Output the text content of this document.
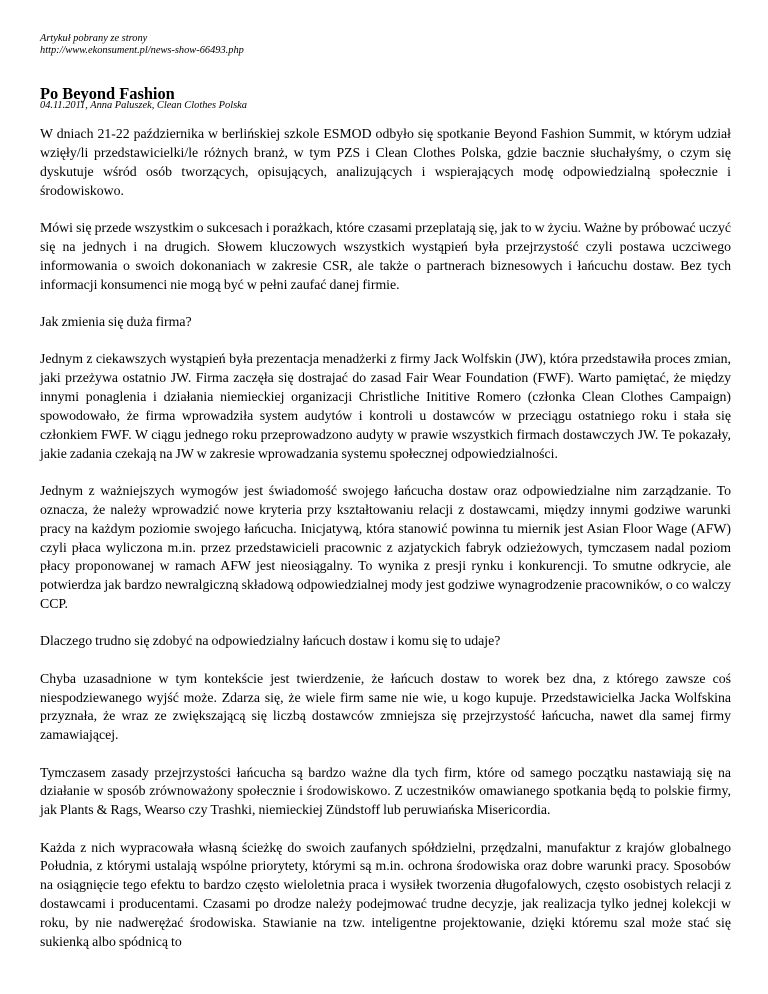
Artykuł pobrany ze strony
http://www.ekonsument.pl/news-show-66493.php
Po Beyond Fashion
04.11.2011, Anna Paluszek, Clean Clothes Polska

W dniach 21-22 października w berlińskiej szkole ESMOD odbyło się spotkanie Beyond Fashion Summit, w którym udział wzięły/li przedstawicielki/le różnych branż, w tym PZS i Clean Clothes Polska, gdzie bacznie słuchałyśmy, o czym się dyskutuje wśród osób tworzących, opisujących, analizujących i wspierających modę odpowiedzialną społecznie i środowiskowo.

Mówi się przede wszystkim o sukcesach i porażkach, które czasami przeplatają się, jak to w życiu. Ważne by próbować uczyć się na jednych i na drugich. Słowem kluczowych wszystkich wystąpień była przejrzystość czyli postawa uczciwego informowania o swoich dokonaniach w zakresie CSR, ale także o partnerach biznesowych i łańcuchu dostaw. Bez tych informacji konsumenci nie mogą być w pełni zaufać danej firmie.

Jak zmienia się duża firma?

Jednym z ciekawszych wystąpień była prezentacja menadżerki z firmy Jack Wolfskin (JW), która przedstawiła proces zmian, jaki przeżywa ostatnio JW. Firma zaczęła się dostrajać do zasad Fair Wear Foundation (FWF). Warto pamiętać, że między innymi ponaglenia i działania niemieckiej organizacji Christliche Inititive Romero (członka Clean Clothes Campaign) spowodowało, że firma wprowadziła system audytów i kontroli u dostawców w przeciągu ostatniego roku i stała się członkiem FWF. W ciągu jednego roku przeprowadzono audyty w prawie wszystkich firmach dostawczych JW. Te pokazały, jakie zadania czekają na JW w zakresie wprowadzania systemu społecznej odpowiedzialności.

Jednym z ważniejszych wymogów jest świadomość swojego łańcucha dostaw oraz odpowiedzialne nim zarządzanie. To oznacza, że należy wprowadzić nowe kryteria przy kształtowaniu relacji z dostawcami, między innymi godziwe warunki pracy na każdym poziomie swojego łańcucha. Inicjatywą, która stanowić powinna tu miernik jest Asian Floor Wage (AFW) czyli płaca wyliczona m.in. przez przedstawicieli pracownic z azjatyckich fabryk odzieżowych, tymczasem nadal poziom płacy proponowanej w ramach AFW jest nieosiągalny. To wynika z presji rynku i konkurencji. To smutne odkrycie, ale potwierdza jak bardzo newralgiczną składową odpowiedzialnej mody jest godziwe wynagrodzenie pracowników, o co walczy CCP.

Dlaczego trudno się zdobyć na odpowiedzialny łańcuch dostaw i komu się to udaje?

Chyba uzasadnione w tym kontekście jest twierdzenie, że łańcuch dostaw to worek bez dna, z którego zawsze coś niespodziewanego wyjść może. Zdarza się, że wiele firm same nie wie, u kogo kupuje. Przedstawicielka Jacka Wolfskina przyznała, że wraz ze zwiększającą się liczbą dostawców zmniejsza się przejrzystość łańcucha, nawet dla samej firmy zamawiającej.

Tymczasem zasady przejrzystości łańcucha są bardzo ważne dla tych firm, które od samego początku nastawiają się na działanie w sposób zrównoważony społecznie i środowiskowo. Z uczestników omawianego spotkania będą to polskie firmy, jak Plants & Rags, Wearso czy Trashki, niemieckiej Zündstoff lub peruwiańska Misericordia.

Każda z nich wypracowała własną ścieżkę do swoich zaufanych spółdzielni, przędzalni, manufaktur z krajów globalnego Południa, z którymi ustalają wspólne priorytety, którymi są m.in. ochrona środowiska oraz dobre warunki pracy. Sposobów na osiągnięcie tego efektu to bardzo często wieloletnia praca i wysiłek tworzenia długofalowych, często osobistych relacji z dostawcami i producentami. Czasami po drodze należy podejmować trudne decyzje, jak realizacja tylko jednej kolekcji w roku, by nie nadwerężać środowiska. Stawianie na tzw. inteligentne projektowanie, dzięki któremu szal może stać się sukienką albo spódnicą to
